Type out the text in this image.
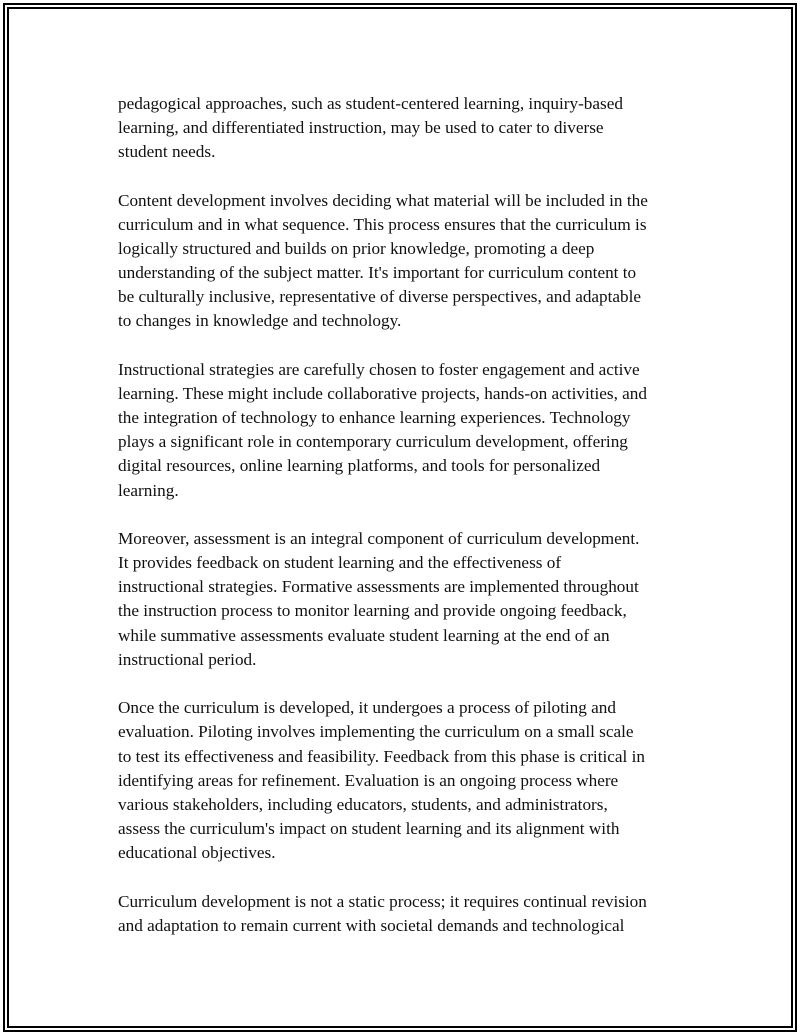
pedagogical approaches, such as student-centered learning, inquiry-based
learning, and differentiated instruction, may be used to cater to diverse
student needs.

Content development involves deciding what material will be included in the
curriculum and in what sequence. This process ensures that the curriculum is
logically structured and builds on prior knowledge, promoting a deep
understanding of the subject matter. It's important for curriculum content to
be culturally inclusive, representative of diverse perspectives, and adaptable
to changes in knowledge and technology.

Instructional strategies are carefully chosen to foster engagement and active
learning. These might include collaborative projects, hands-on activities, and
the integration of technology to enhance learning experiences. Technology
plays a significant role in contemporary curriculum development, offering
digital resources, online learning platforms, and tools for personalized
learning.

Moreover, assessment is an integral component of curriculum development.
It provides feedback on student learning and the effectiveness of
instructional strategies. Formative assessments are implemented throughout
the instruction process to monitor learning and provide ongoing feedback,
while summative assessments evaluate student learning at the end of an
instructional period.

Once the curriculum is developed, it undergoes a process of piloting and
evaluation. Piloting involves implementing the curriculum on a small scale
to test its effectiveness and feasibility. Feedback from this phase is critical in
identifying areas for refinement. Evaluation is an ongoing process where
various stakeholders, including educators, students, and administrators,
assess the curriculum's impact on student learning and its alignment with
educational objectives.

Curriculum development is not a static process; it requires continual revision
and adaptation to remain current with societal demands and technological
